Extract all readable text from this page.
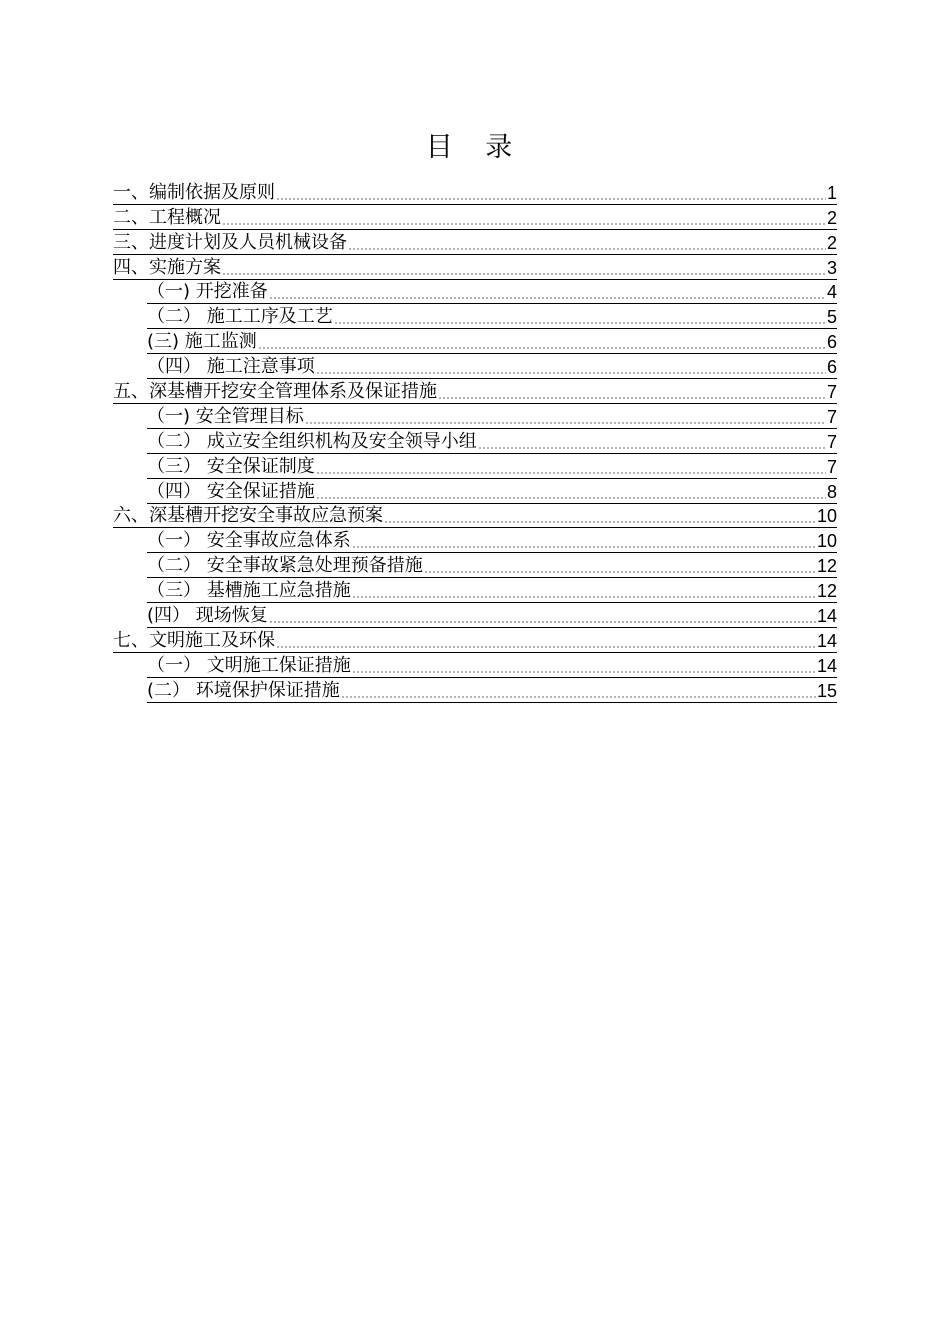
目 录
一、编制依据及原则	1
二、工程概况	2
三、进度计划及人员机械设备	2
四、实施方案	3
（一) 开挖准备	4
（二） 施工工序及工艺	5
(三) 施工监测	6
（四） 施工注意事项	6
五、深基槽开挖安全管理体系及保证措施	7
（一) 安全管理目标	7
（二） 成立安全组织机构及安全领导小组	7
（三） 安全保证制度	7
（四） 安全保证措施	8
六、深基槽开挖安全事故应急预案	10
（一） 安全事故应急体系	10
（二） 安全事故紧急处理预备措施	12
（三） 基槽施工应急措施	12
(四） 现场恢复	14
七、文明施工及环保	14
（一） 文明施工保证措施	14
(二） 环境保护保证措施	15
